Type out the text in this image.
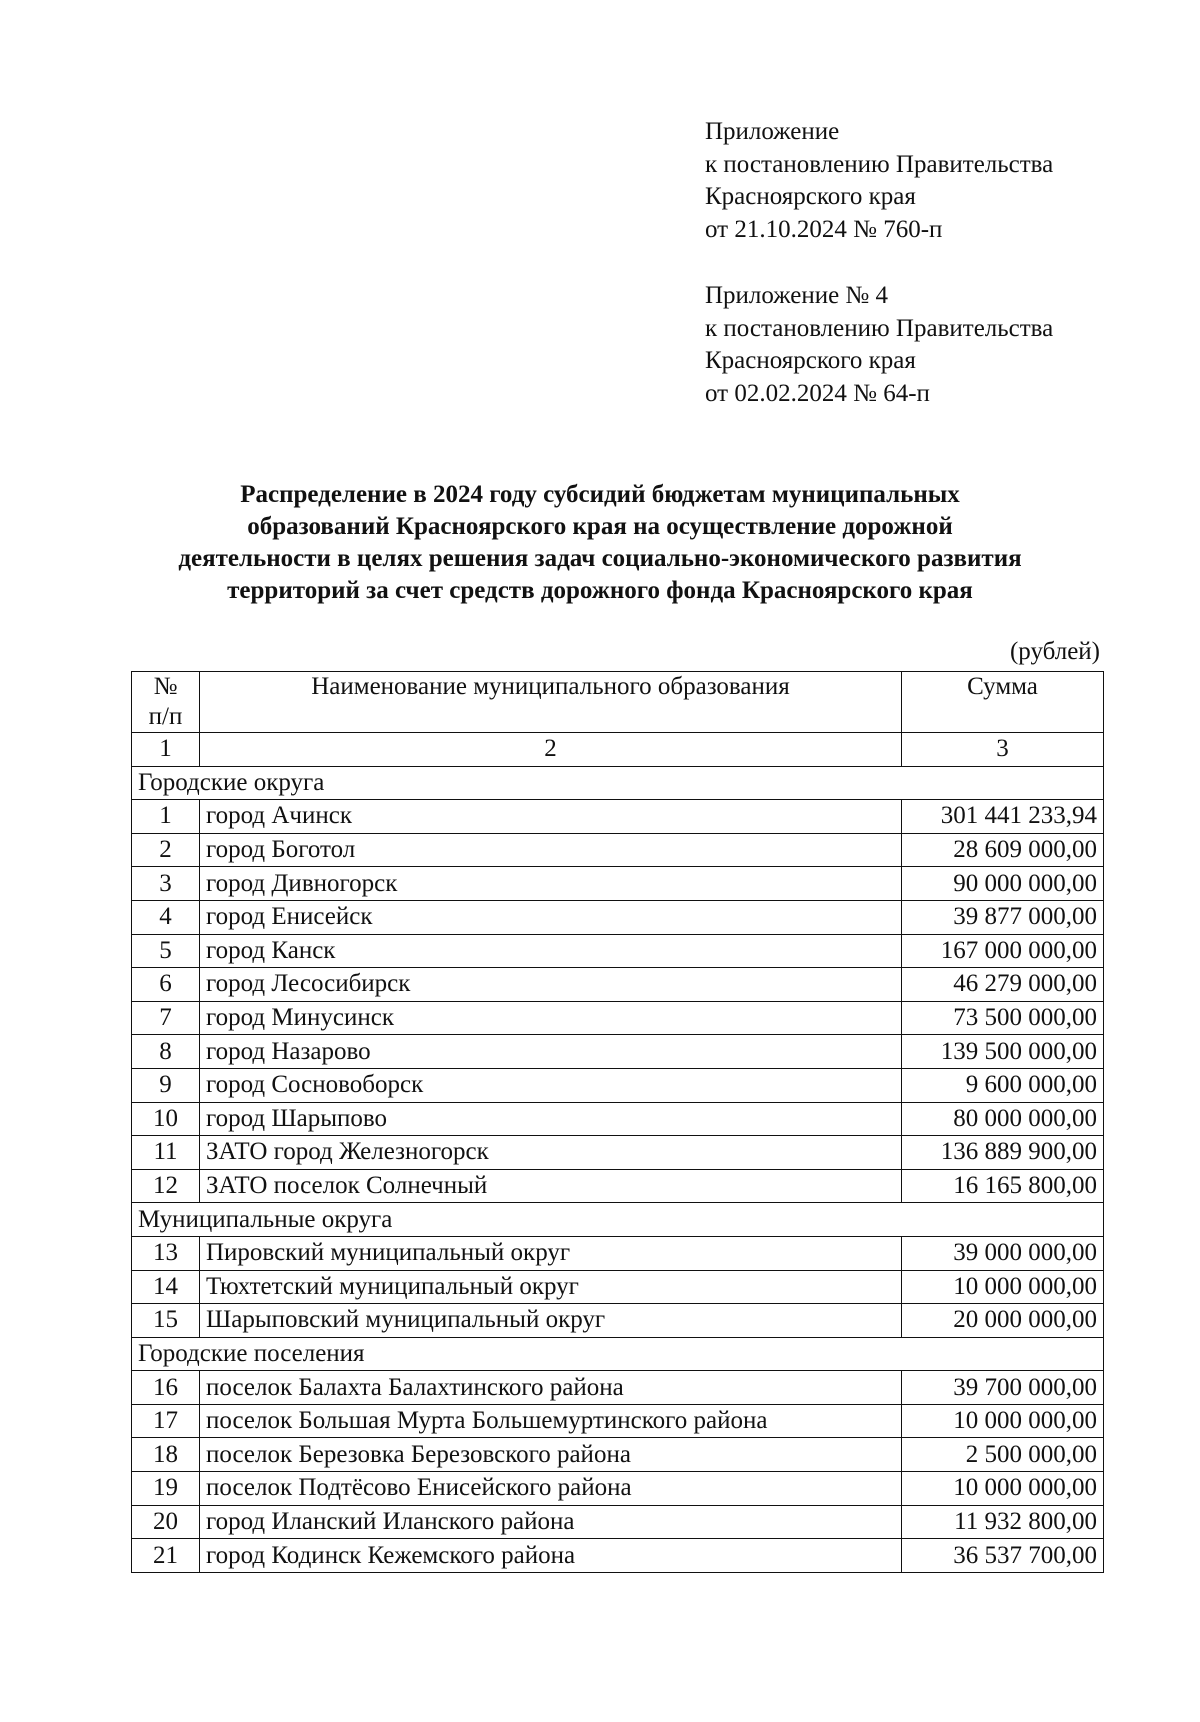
Приложение
к постановлению Правительства
Красноярского края
от 21.10.2024 № 760-п
Приложение № 4
к постановлению Правительства
Красноярского края
от 02.02.2024 № 64-п
Распределение в 2024 году субсидий бюджетам муниципальных
образований Красноярского края на осуществление дорожной
деятельности в целях решения задач социально-экономического развития
территорий за счет средств дорожного фонда Красноярского края
(рублей)
№
п/п	Наименование муниципального образования	Сумма
1	2	3
Городские округа		
1	город Ачинск	301 441 233,94
2	город Боготол	28 609 000,00
3	город Дивногорск	90 000 000,00
4	город Енисейск	39 877 000,00
5	город Канск	167 000 000,00
6	город Лесосибирск	46 279 000,00
7	город Минусинск	73 500 000,00
8	город Назарово	139 500 000,00
9	город Сосновоборск	9 600 000,00
10	город Шарыпово	80 000 000,00
11	ЗАТО город Железногорск	136 889 900,00
12	ЗАТО поселок Солнечный	16 165 800,00
Муниципальные округа		
13	Пировский муниципальный округ	39 000 000,00
14	Тюхтетский муниципальный округ	10 000 000,00
15	Шарыповский муниципальный округ	20 000 000,00
Городские поселения		
16	поселок Балахта Балахтинского района	39 700 000,00
17	поселок Большая Мурта Большемуртинского района	10 000 000,00
18	поселок Березовка Березовского района	2 500 000,00
19	поселок Подтёсово Енисейского района	10 000 000,00
20	город Иланский Иланского района	11 932 800,00
21	город Кодинск Кежемского района	36 537 700,00
